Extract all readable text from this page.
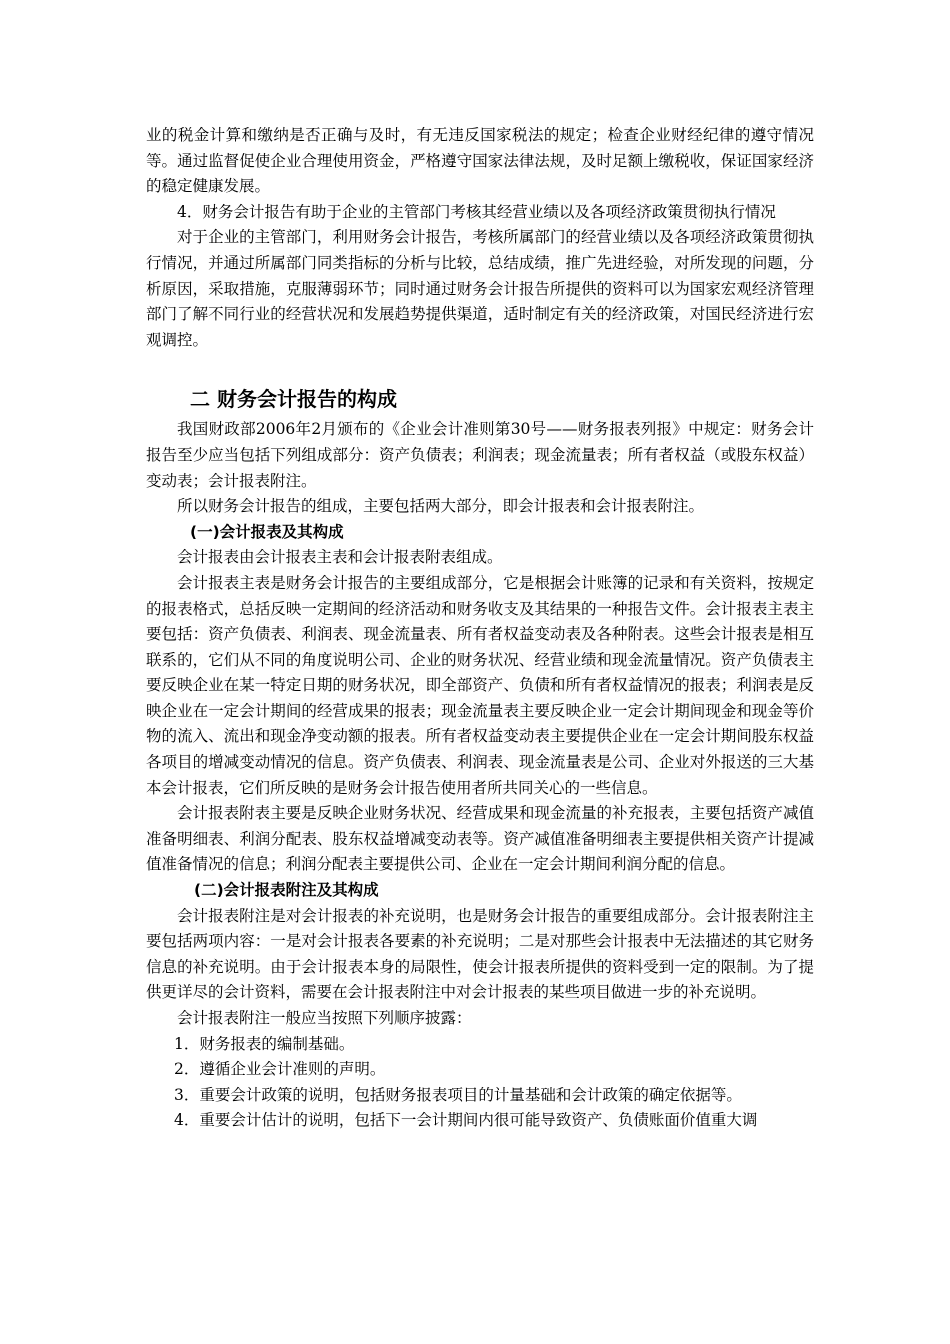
业的税金计算和缴纳是否正确与及时，有无违反国家税法的规定；检查企业财经纪律的遵守情况等。通过监督促使企业合理使用资金，严格遵守国家法律法规，及时足额上缴税收，保证国家经济的稳定健康发展。

4．财务会计报告有助于企业的主管部门考核其经营业绩以及各项经济政策贯彻执行情况

对于企业的主管部门，利用财务会计报告，考核所属部门的经营业绩以及各项经济政策贯彻执行情况，并通过所属部门同类指标的分析与比较，总结成绩，推广先进经验，对所发现的问题，分析原因，采取措施，克服薄弱环节；同时通过财务会计报告所提供的资料可以为国家宏观经济管理部门了解不同行业的经营状况和发展趋势提供渠道，适时制定有关的经济政策，对国民经济进行宏观调控。

二 财务会计报告的构成

我国财政部2006年2月颁布的《企业会计准则第30号——财务报表列报》中规定：财务会计报告至少应当包括下列组成部分：资产负债表；利润表；现金流量表；所有者权益（或股东权益）变动表；会计报表附注。

所以财务会计报告的组成，主要包括两大部分，即会计报表和会计报表附注。

(一)会计报表及其构成

会计报表由会计报表主表和会计报表附表组成。

会计报表主表是财务会计报告的主要组成部分，它是根据会计账簿的记录和有关资料，按规定的报表格式，总括反映一定期间的经济活动和财务收支及其结果的一种报告文件。会计报表主表主要包括：资产负债表、利润表、现金流量表、所有者权益变动表及各种附表。这些会计报表是相互联系的，它们从不同的角度说明公司、企业的财务状况、经营业绩和现金流量情况。资产负债表主要反映企业在某一特定日期的财务状况，即全部资产、负债和所有者权益情况的报表；利润表是反映企业在一定会计期间的经营成果的报表；现金流量表主要反映企业一定会计期间现金和现金等价物的流入、流出和现金净变动额的报表。所有者权益变动表主要提供企业在一定会计期间股东权益各项目的增减变动情况的信息。资产负债表、利润表、现金流量表是公司、企业对外报送的三大基本会计报表，它们所反映的是财务会计报告使用者所共同关心的一些信息。

会计报表附表主要是反映企业财务状况、经营成果和现金流量的补充报表，主要包括资产减值准备明细表、利润分配表、股东权益增减变动表等。资产减值准备明细表主要提供相关资产计提减值准备情况的信息；利润分配表主要提供公司、企业在一定会计期间利润分配的信息。

(二)会计报表附注及其构成

会计报表附注是对会计报表的补充说明，也是财务会计报告的重要组成部分。会计报表附注主要包括两项内容：一是对会计报表各要素的补充说明；二是对那些会计报表中无法描述的其它财务信息的补充说明。由于会计报表本身的局限性，使会计报表所提供的资料受到一定的限制。为了提供更详尽的会计资料，需要在会计报表附注中对会计报表的某些项目做进一步的补充说明。

会计报表附注一般应当按照下列顺序披露：

1．财务报表的编制基础。

2．遵循企业会计准则的声明。

3．重要会计政策的说明，包括财务报表项目的计量基础和会计政策的确定依据等。

4．重要会计估计的说明，包括下一会计期间内很可能导致资产、负债账面价值重大调
